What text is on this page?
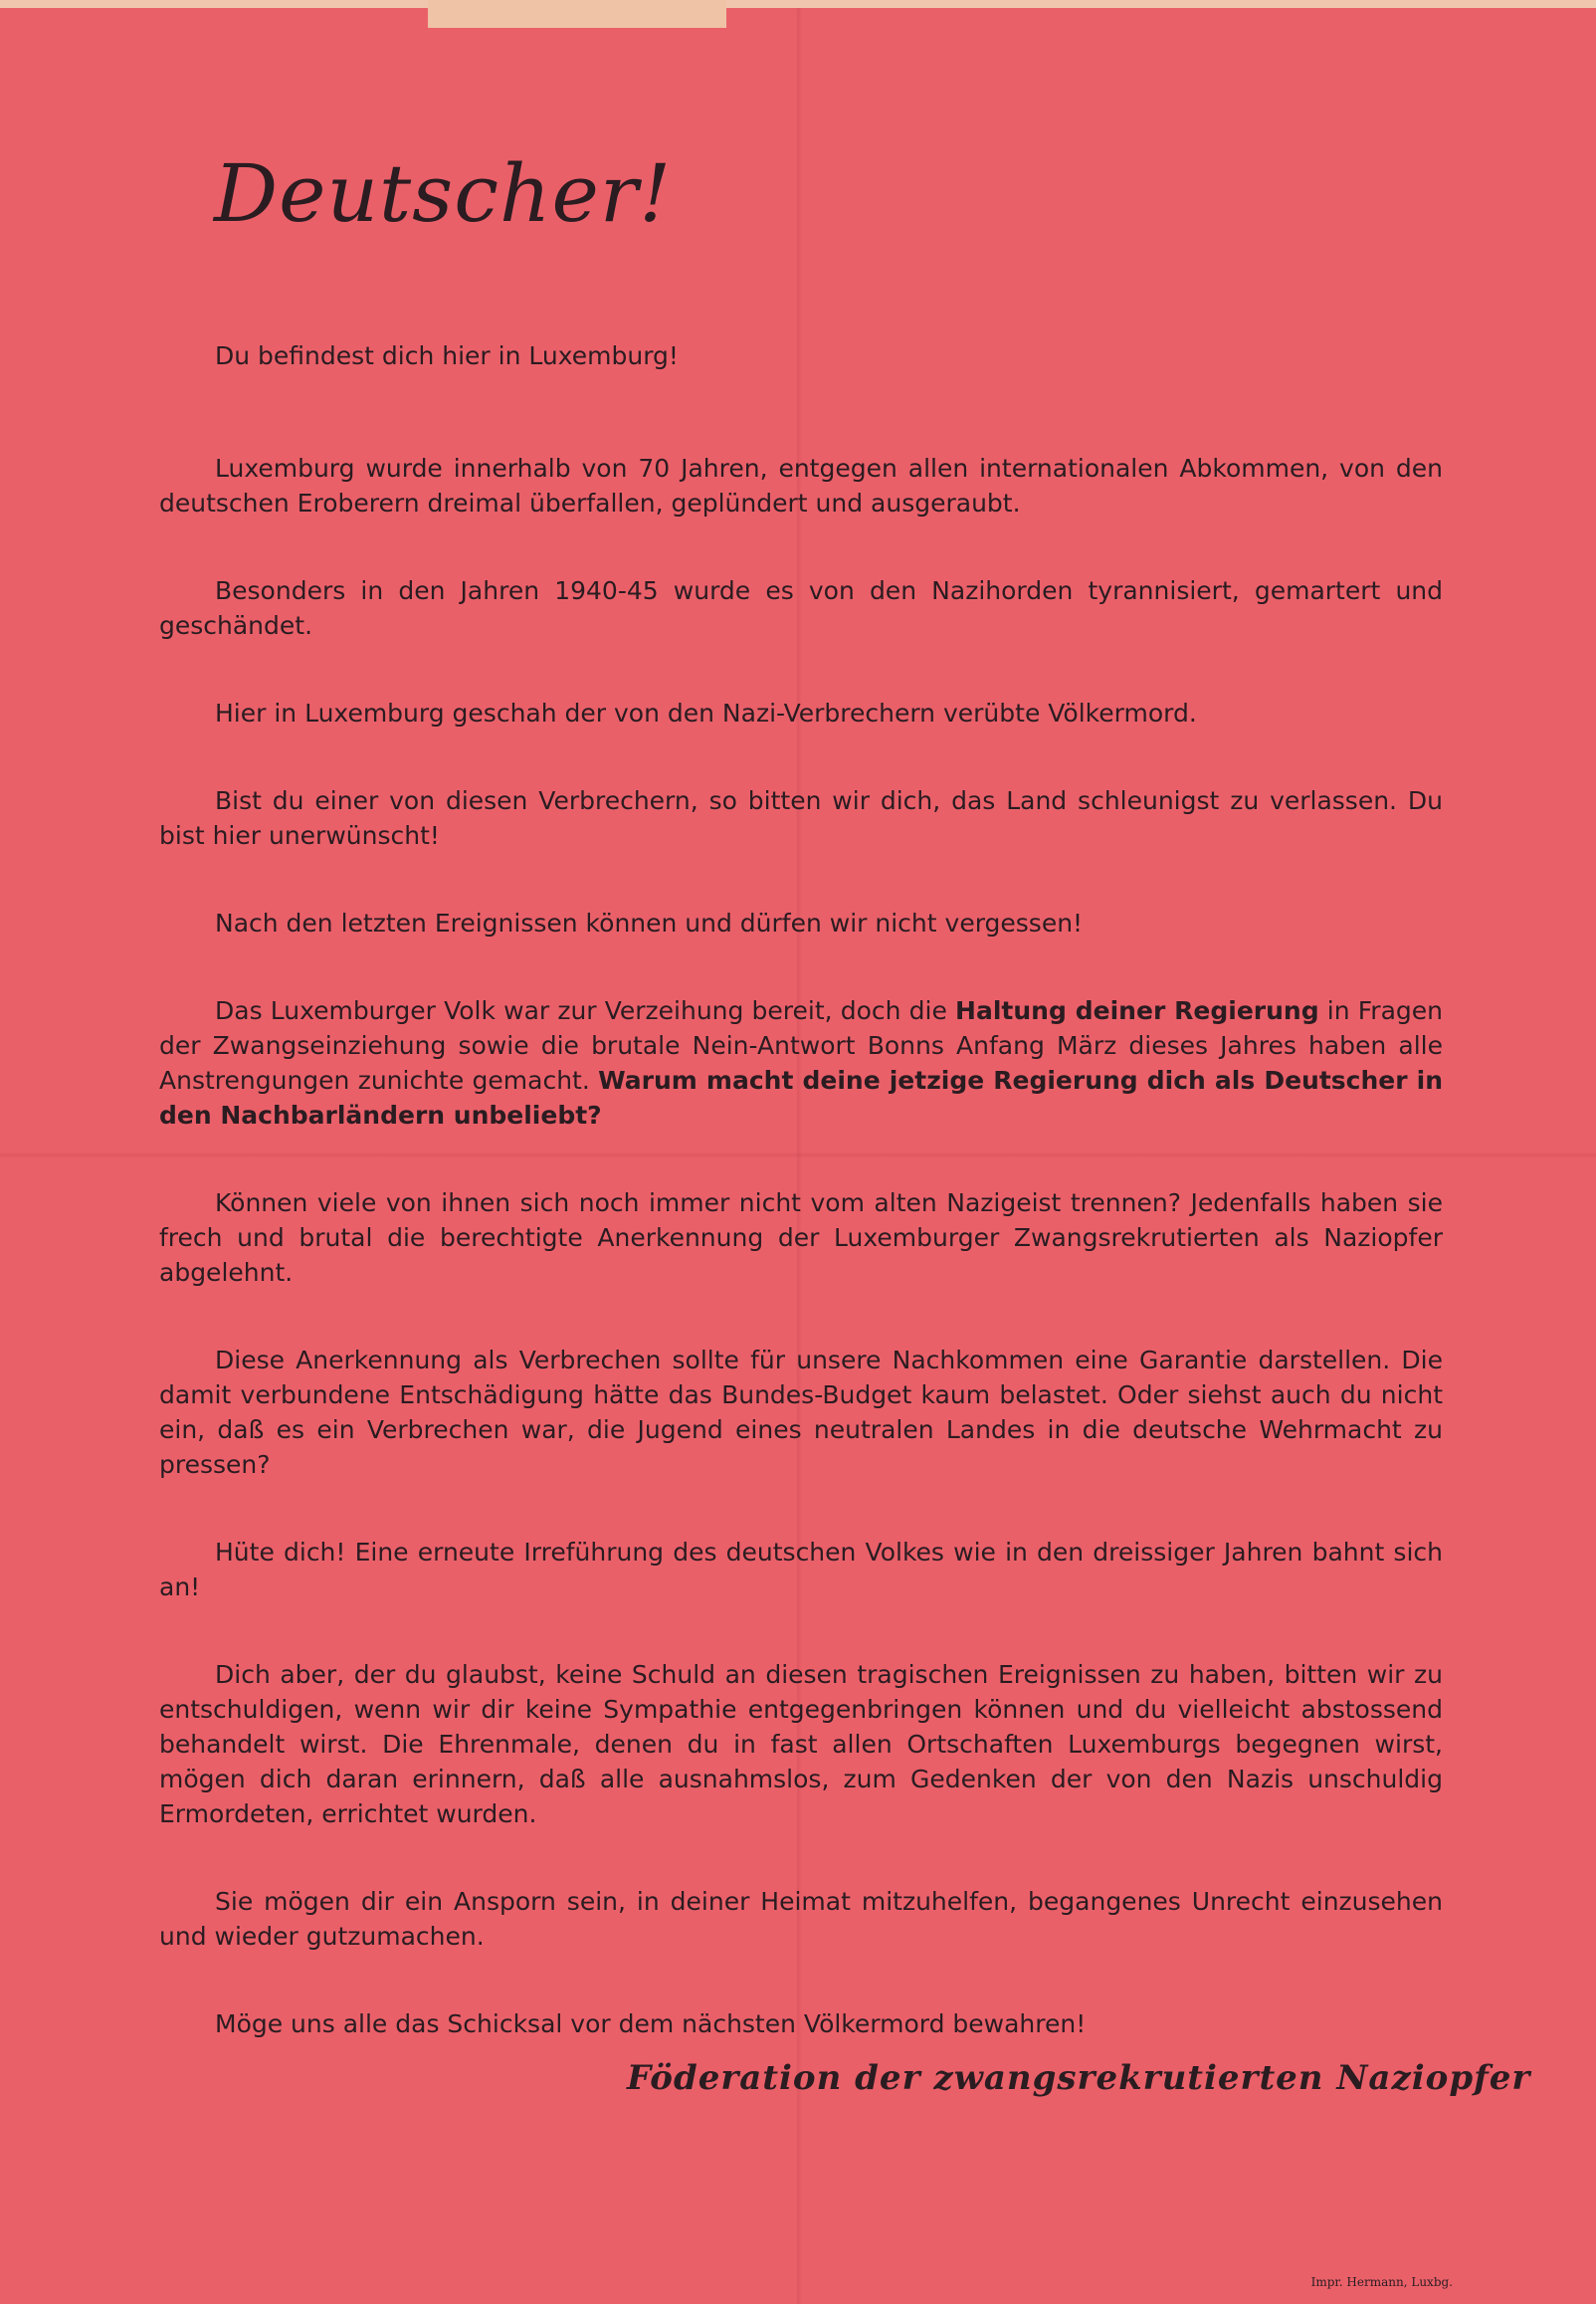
Deutscher!

Du befindest dich hier in Luxemburg!

Luxemburg wurde innerhalb von 70 Jahren, entgegen allen internationalen Abkommen, von den deutschen Eroberern dreimal überfallen, geplündert und ausgeraubt.

Besonders in den Jahren 1940-45 wurde es von den Nazihorden tyrannisiert, gemartert und geschändet.

Hier in Luxemburg geschah der von den Nazi-Verbrechern verübte Völkermord.

Bist du einer von diesen Verbrechern, so bitten wir dich, das Land schleunigst zu verlassen. Du bist hier unerwünscht!

Nach den letzten Ereignissen können und dürfen wir nicht vergessen!

Das Luxemburger Volk war zur Verzeihung bereit, doch die Haltung deiner Regierung in Fragen der Zwangseinziehung sowie die brutale Nein-Antwort Bonns Anfang März dieses Jahres haben alle Anstrengungen zunichte gemacht. Warum macht deine jetzige Regierung dich als Deutscher in den Nachbarländern unbeliebt?

Können viele von ihnen sich noch immer nicht vom alten Nazigeist trennen? Jedenfalls haben sie frech und brutal die berechtigte Anerkennung der Luxemburger Zwangsrekrutierten als Naziopfer abgelehnt.

Diese Anerkennung als Verbrechen sollte für unsere Nachkommen eine Garantie darstellen. Die damit verbundene Entschädigung hätte das Bundes-Budget kaum belastet. Oder siehst auch du nicht ein, daß es ein Verbrechen war, die Jugend eines neutralen Landes in die deutsche Wehrmacht zu pressen?

Hüte dich! Eine erneute Irreführung des deutschen Volkes wie in den dreissiger Jahren bahnt sich an!

Dich aber, der du glaubst, keine Schuld an diesen tragischen Ereignissen zu haben, bitten wir zu entschuldigen, wenn wir dir keine Sympathie entgegenbringen können und du vielleicht abstossend behandelt wirst. Die Ehrenmale, denen du in fast allen Ortschaften Luxemburgs begegnen wirst, mögen dich daran erinnern, daß alle ausnahmslos, zum Gedenken der von den Nazis unschuldig Ermordeten, errichtet wurden.

Sie mögen dir ein Ansporn sein, in deiner Heimat mitzuhelfen, begangenes Unrecht einzusehen und wieder gutzumachen.

Möge uns alle das Schicksal vor dem nächsten Völkermord bewahren!

Föderation der zwangsrekrutierten Naziopfer
Impr. Hermann, Luxbg.
